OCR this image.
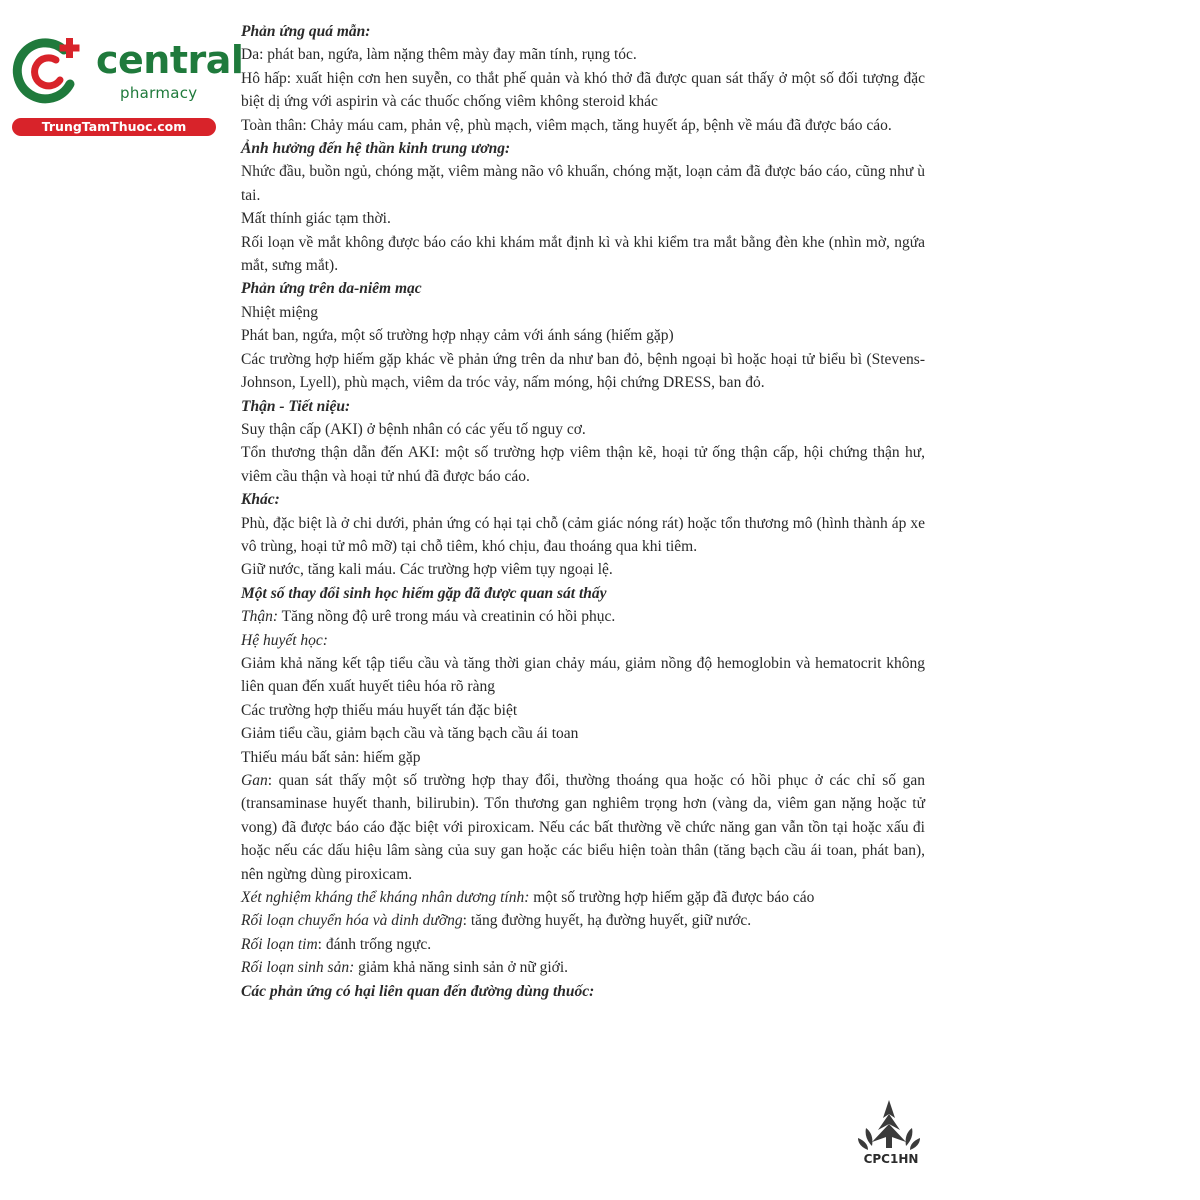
central
pharmacy
TrungTamThuoc.com

Phản ứng quá mẫn:

Da: phát ban, ngứa, làm nặng thêm mày đay mãn tính, rụng tóc.

Hô hấp: xuất hiện cơn hen suyễn, co thắt phế quản và khó thở đã được quan sát thấy ở một số đối tượng đặc biệt dị ứng với aspirin và các thuốc chống viêm không steroid khác

Toàn thân: Chảy máu cam, phản vệ, phù mạch, viêm mạch, tăng huyết áp, bệnh về máu đã được báo cáo.

Ảnh hưởng đến hệ thần kinh trung ương:

Nhức đầu, buồn ngủ, chóng mặt, viêm màng não vô khuẩn, chóng mặt, loạn cảm đã được báo cáo, cũng như ù tai.

Mất thính giác tạm thời.

Rối loạn về mắt không được báo cáo khi khám mắt định kì và khi kiểm tra mắt bằng đèn khe (nhìn mờ, ngứa mắt, sưng mắt).

Phản ứng trên da-niêm mạc

Nhiệt miệng

Phát ban, ngứa, một số trường hợp nhạy cảm với ánh sáng (hiếm gặp)

Các trường hợp hiếm gặp khác về phản ứng trên da như ban đỏ, bệnh ngoại bì hoặc hoại tử biểu bì (Stevens-Johnson, Lyell), phù mạch, viêm da tróc vảy, nấm móng, hội chứng DRESS, ban đỏ.

Thận - Tiết niệu:

Suy thận cấp (AKI) ở bệnh nhân có các yếu tố nguy cơ.

Tổn thương thận dẫn đến AKI: một số trường hợp viêm thận kẽ, hoại tử ống thận cấp, hội chứng thận hư, viêm cầu thận và hoại tử nhú đã được báo cáo.

Khác:

Phù, đặc biệt là ở chi dưới, phản ứng có hại tại chỗ (cảm giác nóng rát) hoặc tổn thương mô (hình thành áp xe vô trùng, hoại tử mô mỡ) tại chỗ tiêm, khó chịu, đau thoáng qua khi tiêm.

Giữ nước, tăng kali máu. Các trường hợp viêm tụy ngoại lệ.

Một số thay đổi sinh học hiếm gặp đã được quan sát thấy

Thận: Tăng nồng độ urê trong máu và creatinin có hồi phục.

Hệ huyết học:

Giảm khả năng kết tập tiểu cầu và tăng thời gian chảy máu, giảm nồng độ hemoglobin và hematocrit không liên quan đến xuất huyết tiêu hóa rõ ràng

Các trường hợp thiếu máu huyết tán đặc biệt

Giảm tiểu cầu, giảm bạch cầu và tăng bạch cầu ái toan

Thiếu máu bất sản: hiếm gặp

Gan: quan sát thấy một số trường hợp thay đổi, thường thoáng qua hoặc có hồi phục ở các chỉ số gan (transaminase huyết thanh, bilirubin). Tổn thương gan nghiêm trọng hơn (vàng da, viêm gan nặng hoặc tử vong) đã được báo cáo đặc biệt với piroxicam. Nếu các bất thường về chức năng gan vẫn tồn tại hoặc xấu đi hoặc nếu các dấu hiệu lâm sàng của suy gan hoặc các biểu hiện toàn thân (tăng bạch cầu ái toan, phát ban), nên ngừng dùng piroxicam.

Xét nghiệm kháng thể kháng nhân dương tính: một số trường hợp hiếm gặp đã được báo cáo

Rối loạn chuyển hóa và dinh dưỡng: tăng đường huyết, hạ đường huyết, giữ nước.

Rối loạn tim: đánh trống ngực.

Rối loạn sinh sản: giảm khả năng sinh sản ở nữ giới.

Các phản ứng có hại liên quan đến đường dùng thuốc:

CPC1HN
